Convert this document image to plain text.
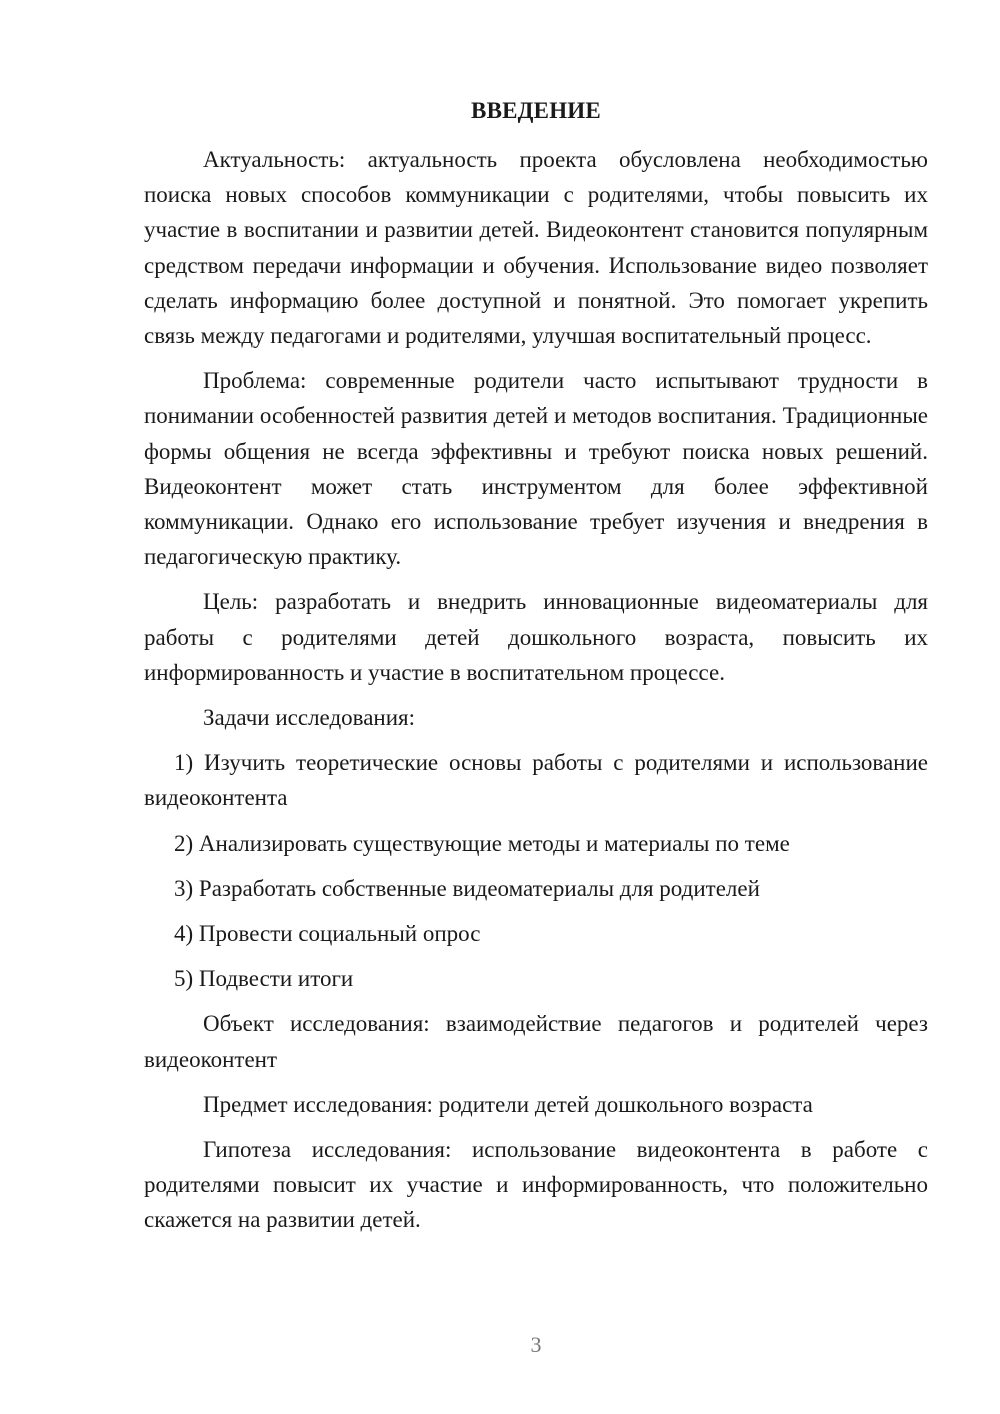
ВВЕДЕНИЕ

Актуальность: актуальность проекта обусловлена необходимостью поиска новых способов коммуникации с родителями, чтобы повысить их участие в воспитании и развитии детей. Видеоконтент становится популярным средством передачи информации и обучения. Использование видео позволяет сделать информацию более доступной и понятной. Это помогает укрепить связь между педагогами и родителями, улучшая воспитательный процесс.

Проблема: современные родители часто испытывают трудности в понимании особенностей развития детей и методов воспитания. Традиционные формы общения не всегда эффективны и требуют поиска новых решений. Видеоконтент может стать инструментом для более эффективной коммуникации. Однако его использование требует изучения и внедрения в педагогическую практику.

Цель: разработать и внедрить инновационные видеоматериалы для работы с родителями детей дошкольного возраста, повысить их информированность и участие в воспитательном процессе.

Задачи исследования:

1) Изучить теоретические основы работы с родителями и использование видеоконтента

2) Анализировать существующие методы и материалы по теме

3) Разработать собственные видеоматериалы для родителей

4) Провести социальный опрос

5) Подвести итоги

Объект исследования: взаимодействие педагогов и родителей через видеоконтент

Предмет исследования: родители детей дошкольного возраста

Гипотеза исследования: использование видеоконтента в работе с родителями повысит их участие и информированность, что положительно скажется на развитии детей.

3
